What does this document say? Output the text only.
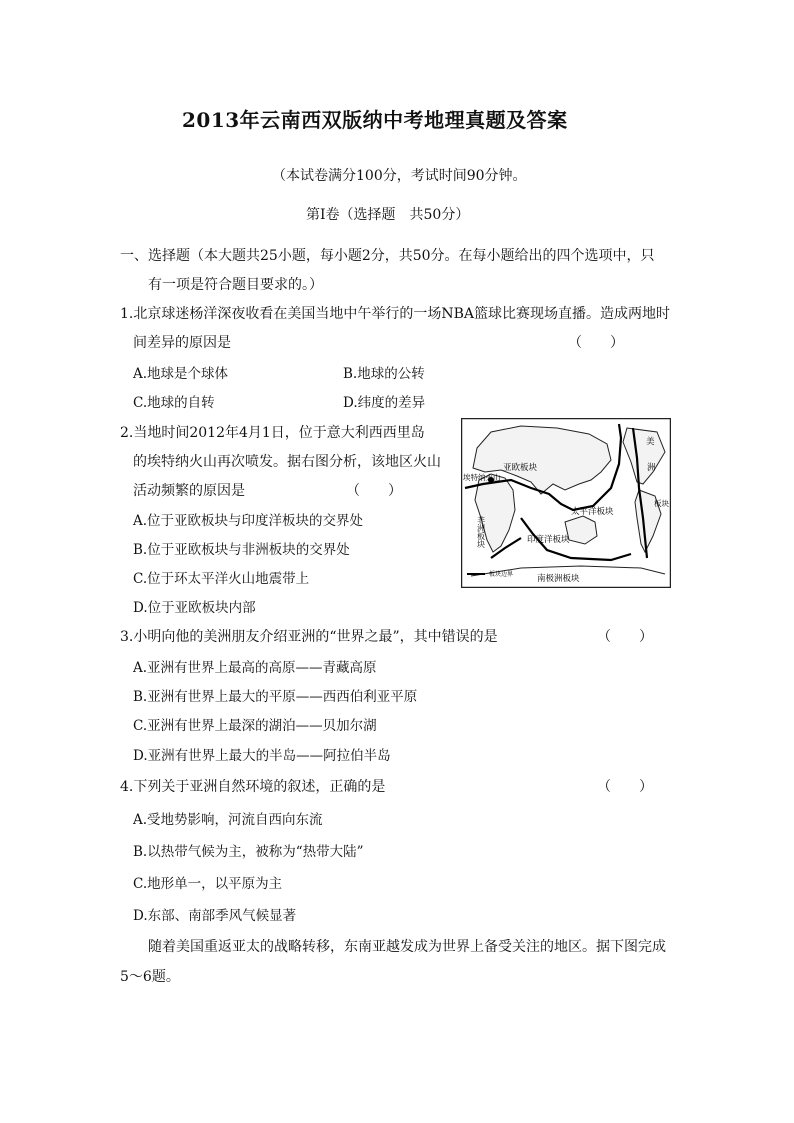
2013年云南西双版纳中考地理真题及答案
（本试卷满分100分，考试时间90分钟。
第Ⅰ卷（选择题　共50分）
一、选择题（本大题共25小题，每小题2分，共50分。在每小题给出的四个选项中，只
有一项是符合题目要求的。）
1.北京球迷杨洋深夜收看在美国当地中午举行的一场NBA篮球比赛现场直播。造成两地时
间差异的原因是	（　　）
A.地球是个球体	B.地球的公转
C.地球的自转	D.纬度的差异
2.当地时间2012年4月1日，位于意大利西西里岛
的埃特纳火山再次喷发。据右图分析，该地区火山
活动频繁的原因是	（　　）
A.位于亚欧板块与印度洋板块的交界处
B.位于亚欧板块与非洲板块的交界处
C.位于环太平洋火山地震带上
D.位于亚欧板块内部
亚欧板块
埃特纳火山
太平洋板块
印度洋板块
南极洲板块
美
洲
板块
板块边界
非洲板块
3.小明向他的美洲朋友介绍亚洲的“世界之最”，其中错误的是	（　　）
A.亚洲有世界上最高的高原——青藏高原
B.亚洲有世界上最大的平原——西西伯利亚平原
C.亚洲有世界上最深的湖泊——贝加尔湖
D.亚洲有世界上最大的半岛——阿拉伯半岛
4.下列关于亚洲自然环境的叙述，正确的是	（　　）
A.受地势影响，河流自西向东流
B.以热带气候为主，被称为“热带大陆”
C.地形单一，以平原为主
D.东部、南部季风气候显著
随着美国重返亚太的战略转移，东南亚越发成为世界上备受关注的地区。据下图完成
5～6题。
